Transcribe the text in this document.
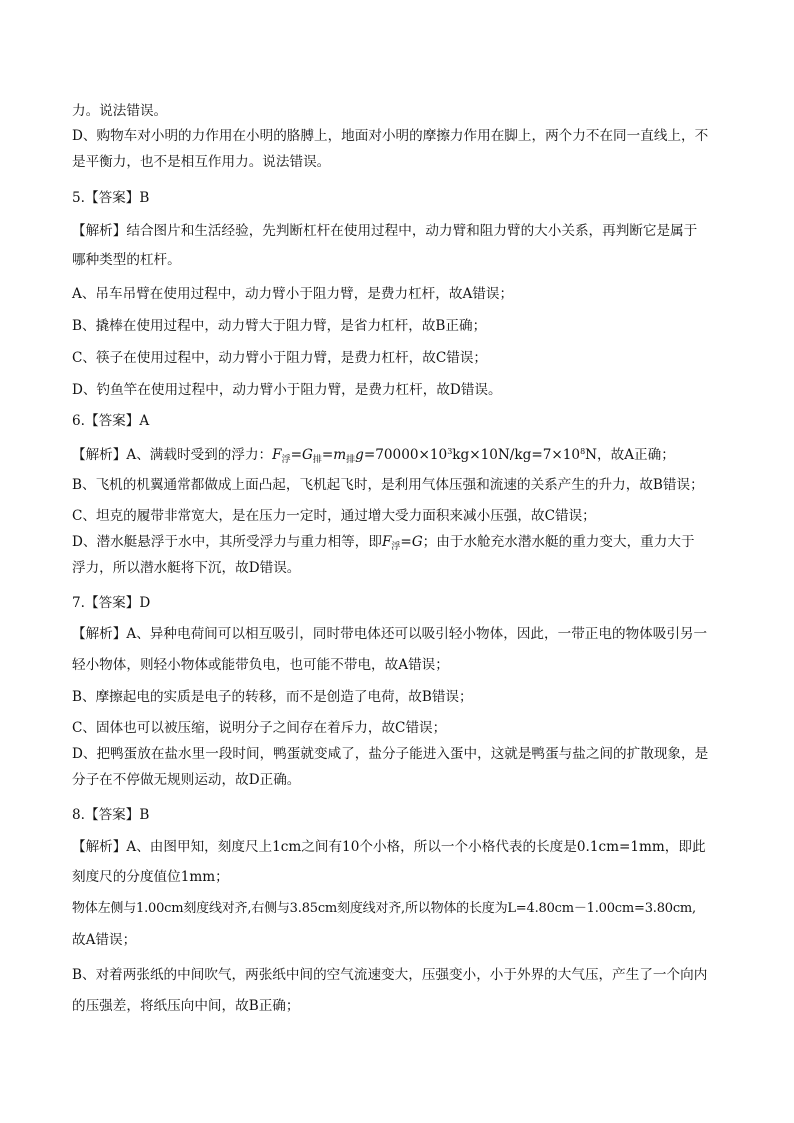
力。说法错误。
D、购物车对小明的力作用在小明的胳膊上，地面对小明的摩擦力作用在脚上，两个力不在同一直线上，不
是平衡力，也不是相互作用力。说法错误。
5.【答案】B
【解析】结合图片和生活经验，先判断杠杆在使用过程中，动力臂和阻力臂的大小关系，再判断它是属于
哪种类型的杠杆。
A、吊车吊臂在使用过程中，动力臂小于阻力臂，是费力杠杆，故A错误；
B、撬棒在使用过程中，动力臂大于阻力臂，是省力杠杆，故B正确；
C、筷子在使用过程中，动力臂小于阻力臂，是费力杠杆，故C错误；
D、钓鱼竿在使用过程中，动力臂小于阻力臂，是费力杠杆，故D错误。
6.【答案】A
【解析】A、满载时受到的浮力：$F_浮=G_排=m_排g=70000\times 10^3kg\times 10N/kg=7\times 10^8N$，故A正确；
B、飞机的机翼通常都做成上面凸起，飞机起飞时，是利用气体压强和流速的关系产生的升力，故B错误；
C、坦克的履带非常宽大，是在压力一定时，通过增大受力面积来减小压强，故C错误；
D、潜水艇悬浮于水中，其所受浮力与重力相等，即$F_浮=G$；由于水舱充水潜水艇的重力变大，重力大于
浮力，所以潜水艇将下沉，故D错误。
7.【答案】D
【解析】A、异种电荷间可以相互吸引，同时带电体还可以吸引轻小物体，因此，一带正电的物体吸引另一
轻小物体，则轻小物体或能带负电，也可能不带电，故A错误；
B、摩擦起电的实质是电子的转移，而不是创造了电荷，故B错误；
C、固体也可以被压缩，说明分子之间存在着斥力，故C错误；
D、把鸭蛋放在盐水里一段时间，鸭蛋就变咸了，盐分子能进入蛋中，这就是鸭蛋与盐之间的扩散现象，是
分子在不停做无规则运动，故D正确。
8.【答案】B
【解析】A、由图甲知，刻度尺上1cm之间有10个小格，所以一个小格代表的长度是0.1cm=1mm，即此
刻度尺的分度值位1mm；
物体左侧与1.00cm刻度线对齐,右侧与3.85cm刻度线对齐,所以物体的长度为L=4.80cm－1.00cm=3.80cm,
故A错误；
B、对着两张纸的中间吹气，两张纸中间的空气流速变大，压强变小，小于外界的大气压，产生了一个向内
的压强差，将纸压向中间，故B正确；
